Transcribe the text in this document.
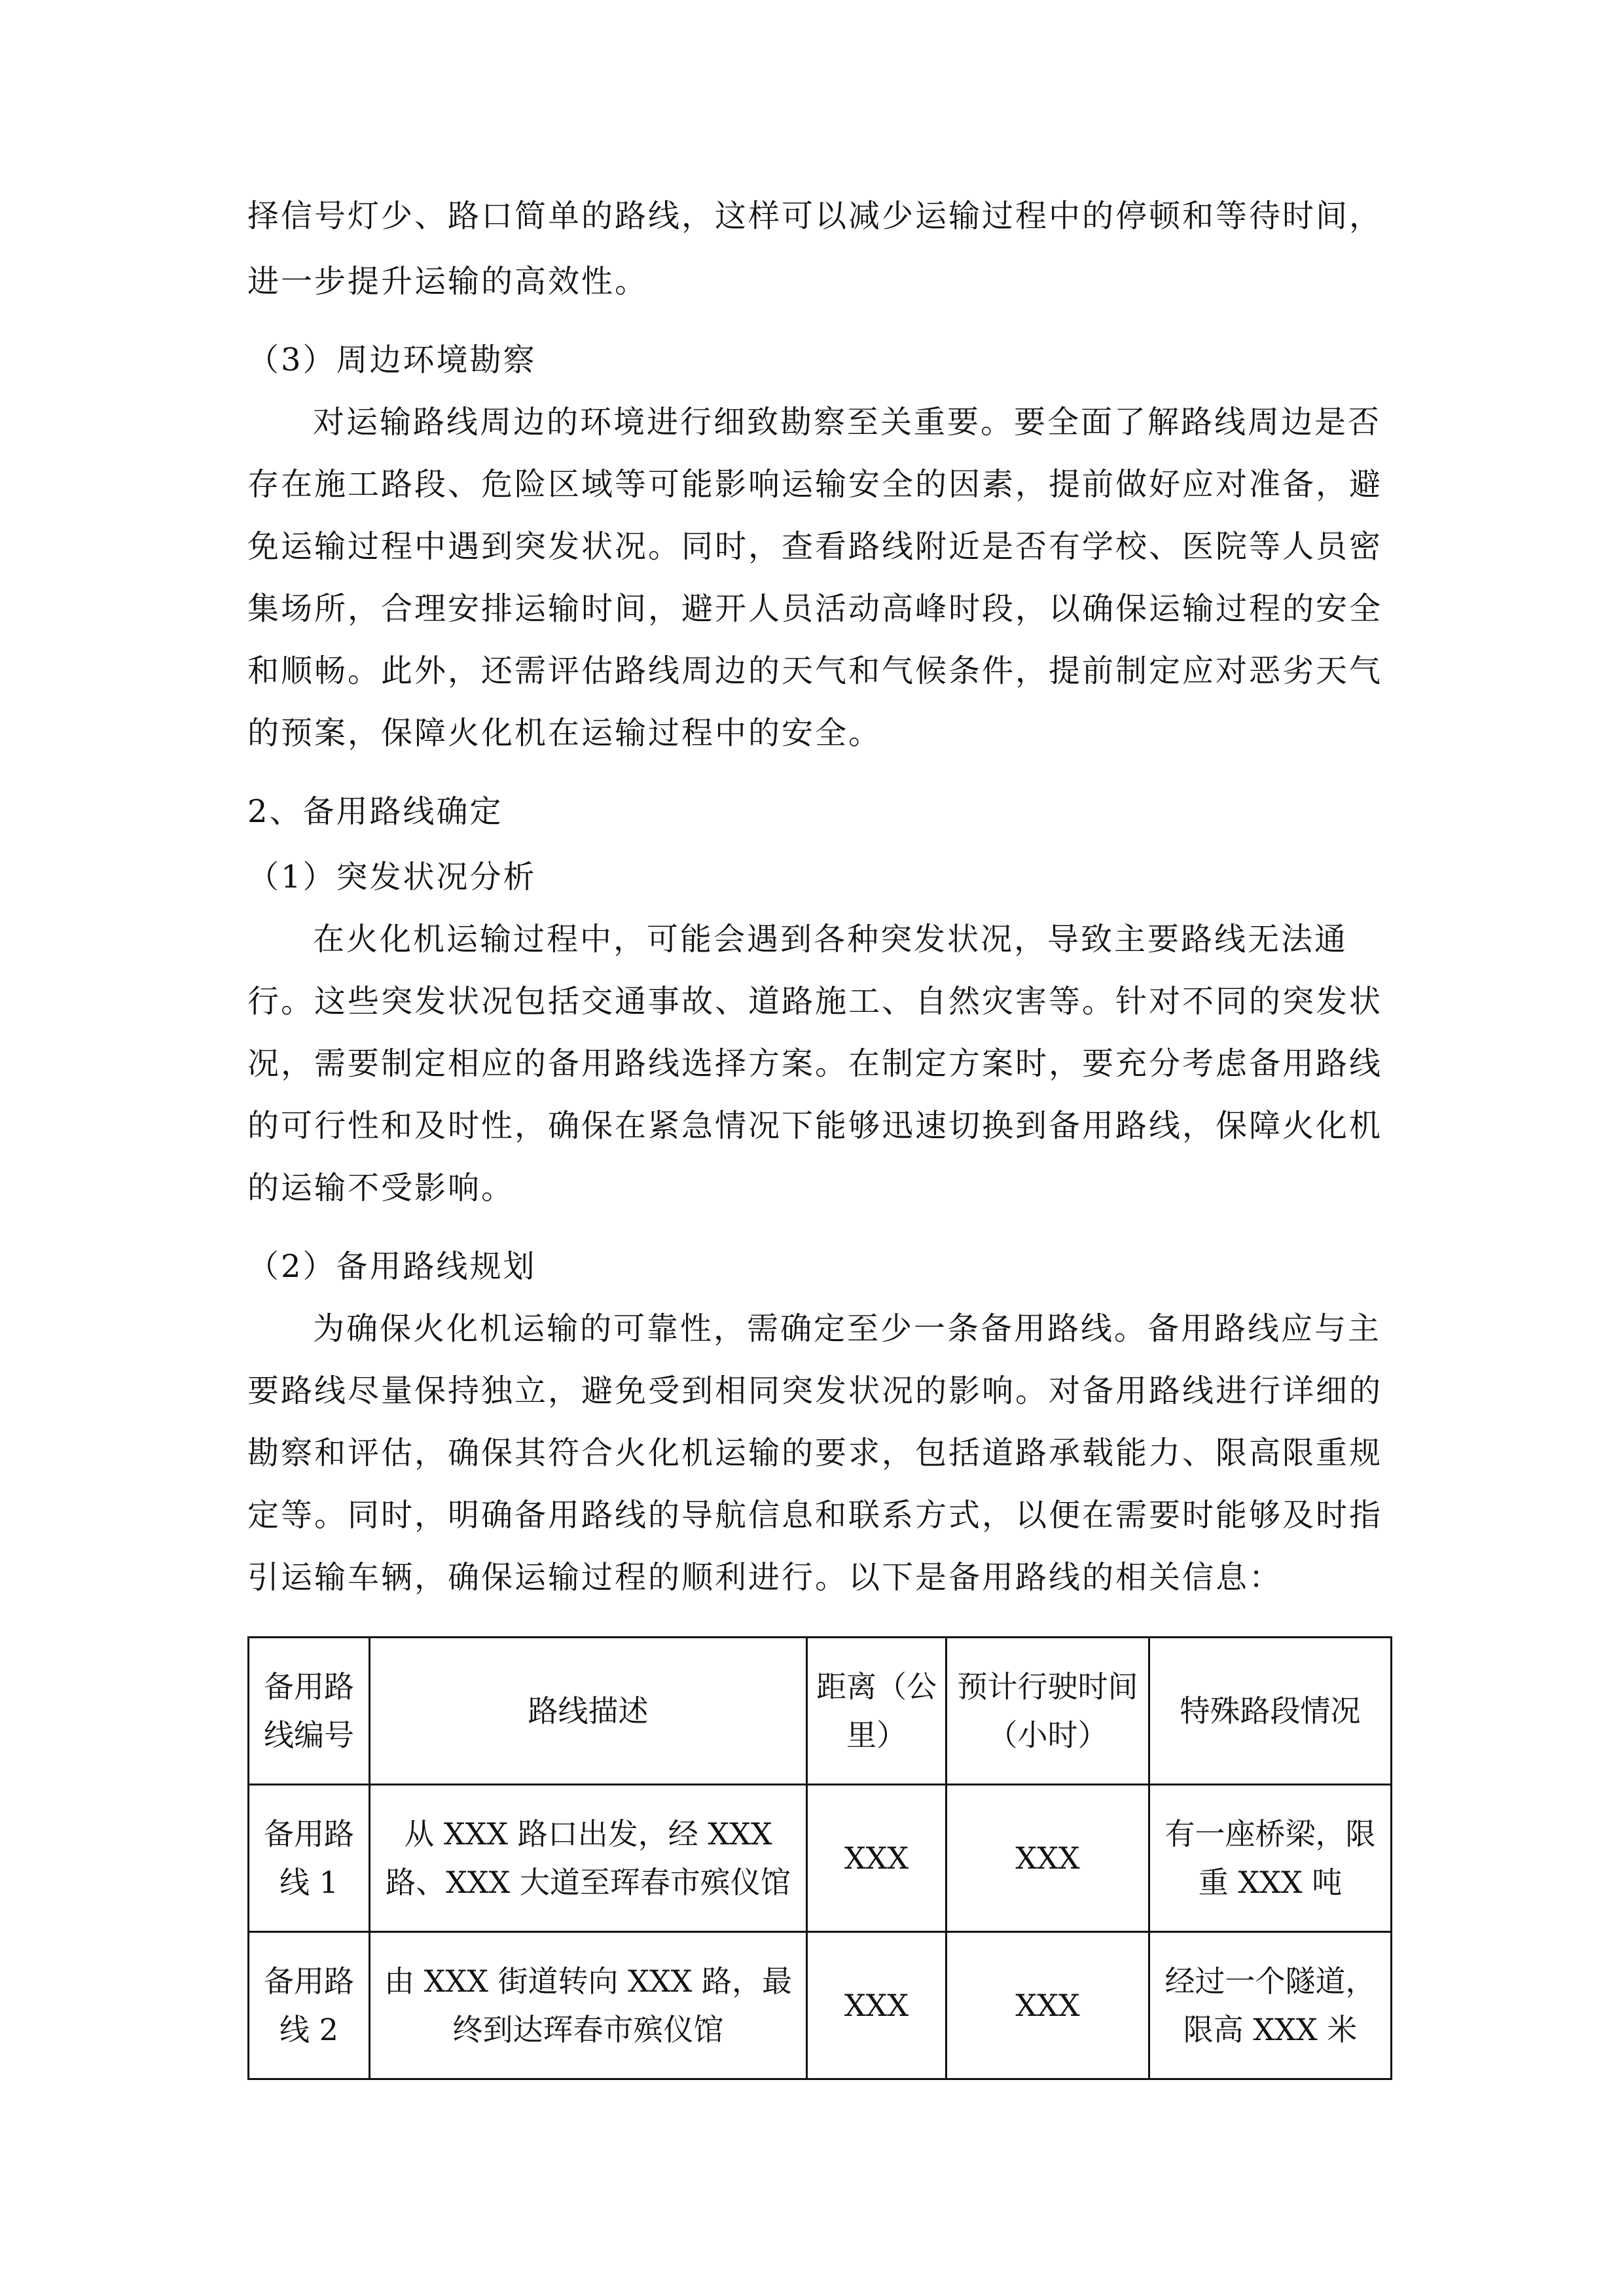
择信号灯少、路口简单的路线，这样可以减少运输过程中的停顿和等待时间，
进一步提升运输的高效性。
（3）周边环境勘察
对运输路线周边的环境进行细致勘察至关重要。要全面了解路线周边是否
存在施工路段、危险区域等可能影响运输安全的因素，提前做好应对准备，避
免运输过程中遇到突发状况。同时，查看路线附近是否有学校、医院等人员密
集场所，合理安排运输时间，避开人员活动高峰时段，以确保运输过程的安全
和顺畅。此外，还需评估路线周边的天气和气候条件，提前制定应对恶劣天气
的预案，保障火化机在运输过程中的安全。
2、备用路线确定
（1）突发状况分析
在火化机运输过程中，可能会遇到各种突发状况，导致主要路线无法通
行。这些突发状况包括交通事故、道路施工、自然灾害等。针对不同的突发状
况，需要制定相应的备用路线选择方案。在制定方案时，要充分考虑备用路线
的可行性和及时性，确保在紧急情况下能够迅速切换到备用路线，保障火化机
的运输不受影响。
（2）备用路线规划
为确保火化机运输的可靠性，需确定至少一条备用路线。备用路线应与主
要路线尽量保持独立，避免受到相同突发状况的影响。对备用路线进行详细的
勘察和评估，确保其符合火化机运输的要求，包括道路承载能力、限高限重规
定等。同时，明确备用路线的导航信息和联系方式，以便在需要时能够及时指
引运输车辆，确保运输过程的顺利进行。以下是备用路线的相关信息：
备用路线编号	路线描述	距离（公里）	预计行驶时间（小时）	特殊路段情况
备用路线 1	从 XXX 路口出发，经 XXX 路、XXX 大道至珲春市殡仪馆	XXX	XXX	有一座桥梁，限重 XXX 吨
备用路线 2	由 XXX 街道转向 XXX 路，最终到达珲春市殡仪馆	XXX	XXX	经过一个隧道，限高 XXX 米
